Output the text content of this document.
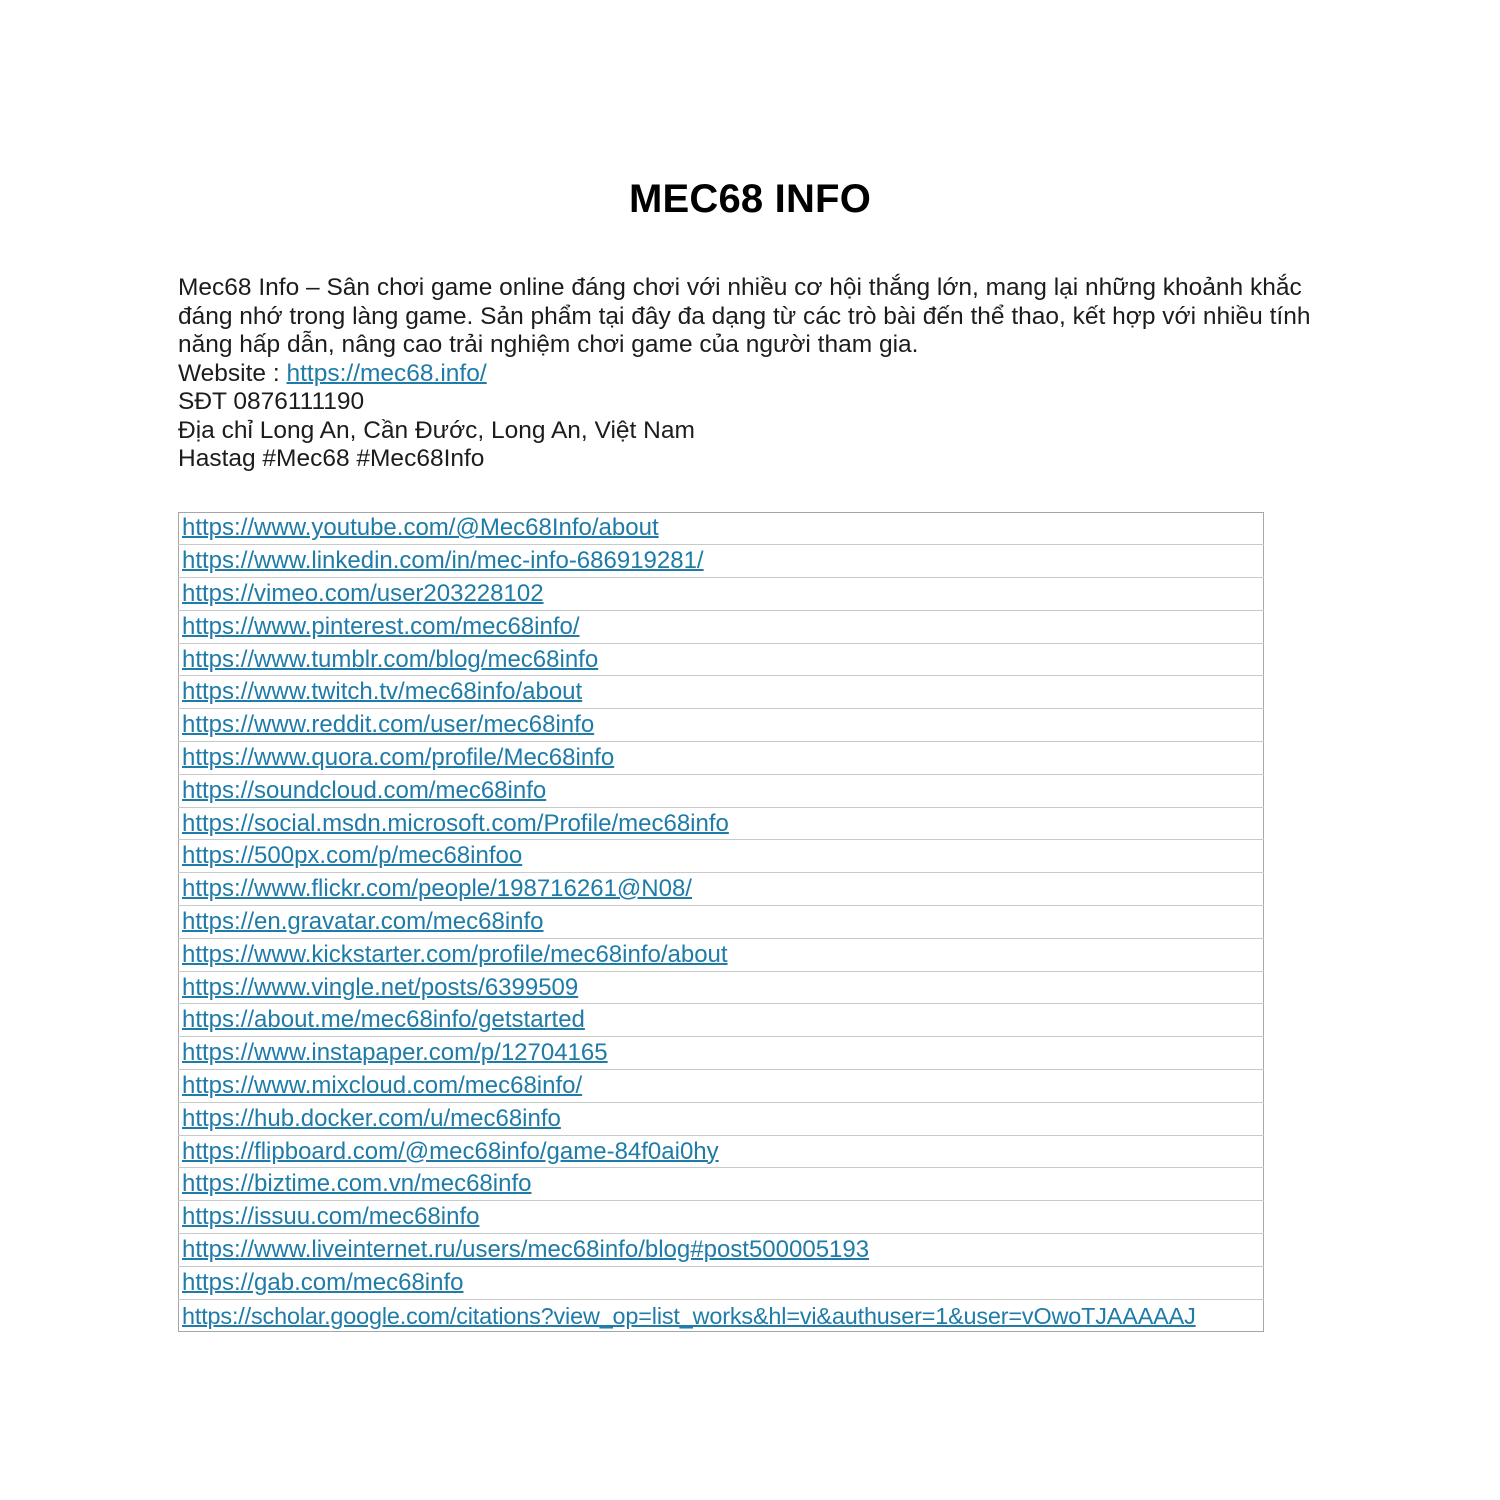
MEC68 INFO

Mec68 Info – Sân chơi game online đáng chơi với nhiều cơ hội thắng lớn, mang lại những khoảnh khắc đáng nhớ trong làng game. Sản phẩm tại đây đa dạng từ các trò bài đến thể thao, kết hợp với nhiều tính năng hấp dẫn, nâng cao trải nghiệm chơi game của người tham gia.

Website : https://mec68.info/

SĐT 0876111190

Địa chỉ Long An, Cần Đước, Long An, Việt Nam

Hastag #Mec68 #Mec68Info

https://www.youtube.com/@Mec68Info/about
https://www.linkedin.com/in/mec-info-686919281/
https://vimeo.com/user203228102
https://www.pinterest.com/mec68info/
https://www.tumblr.com/blog/mec68info
https://www.twitch.tv/mec68info/about
https://www.reddit.com/user/mec68info
https://www.quora.com/profile/Mec68info
https://soundcloud.com/mec68info
https://social.msdn.microsoft.com/Profile/mec68info
https://500px.com/p/mec68infoo
https://www.flickr.com/people/198716261@N08/
https://en.gravatar.com/mec68info
https://www.kickstarter.com/profile/mec68info/about
https://www.vingle.net/posts/6399509
https://about.me/mec68info/getstarted
https://www.instapaper.com/p/12704165
https://www.mixcloud.com/mec68info/
https://hub.docker.com/u/mec68info
https://flipboard.com/@mec68info/game-84f0ai0hy
https://biztime.com.vn/mec68info
https://issuu.com/mec68info
https://www.liveinternet.ru/users/mec68info/blog#post500005193
https://gab.com/mec68info
https://scholar.google.com/citations?view_op=list_works&hl=vi&authuser=1&user=vOwoTJAAAAAJ
